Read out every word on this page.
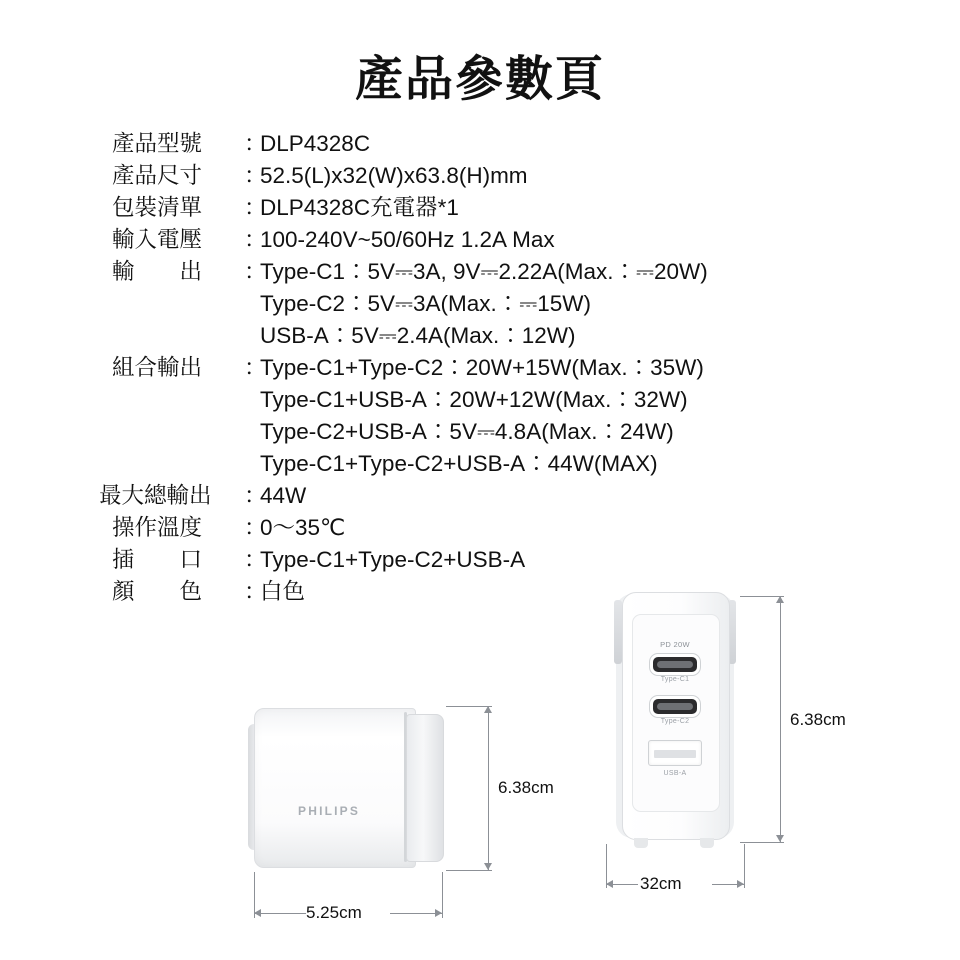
產品參數頁
產品型號	：
DLP4328C
產品尺寸	：
52.5(L)x32(W)x63.8(H)mm
包裝清單	：
DLP4328C充電器*1
輸入電壓	：
100-240V~50/60Hz 1.2A Max
輸　　出	：
Type-C1：5V⎓3A, 9V⎓2.22A(Max.：⎓20W)
Type-C2：5V⎓3A(Max.：⎓15W)
USB-A：5V⎓2.4A(Max.：12W)
組合輸出	：
Type-C1+Type-C2：20W+15W(Max.：35W)
Type-C1+USB-A：20W+12W(Max.：32W)
Type-C2+USB-A：5V⎓4.8A(Max.：24W)
Type-C1+Type-C2+USB-A：44W(MAX)
最大總輸出	：
44W
操作溫度	：
0～35℃
插　　口	：
Type-C1+Type-C2+USB-A
顏　　色	：
白色
PHILIPS
6.38cm
5.25cm
PD 20W
Type-C1
Type-C2
USB-A
6.38cm
32cm
